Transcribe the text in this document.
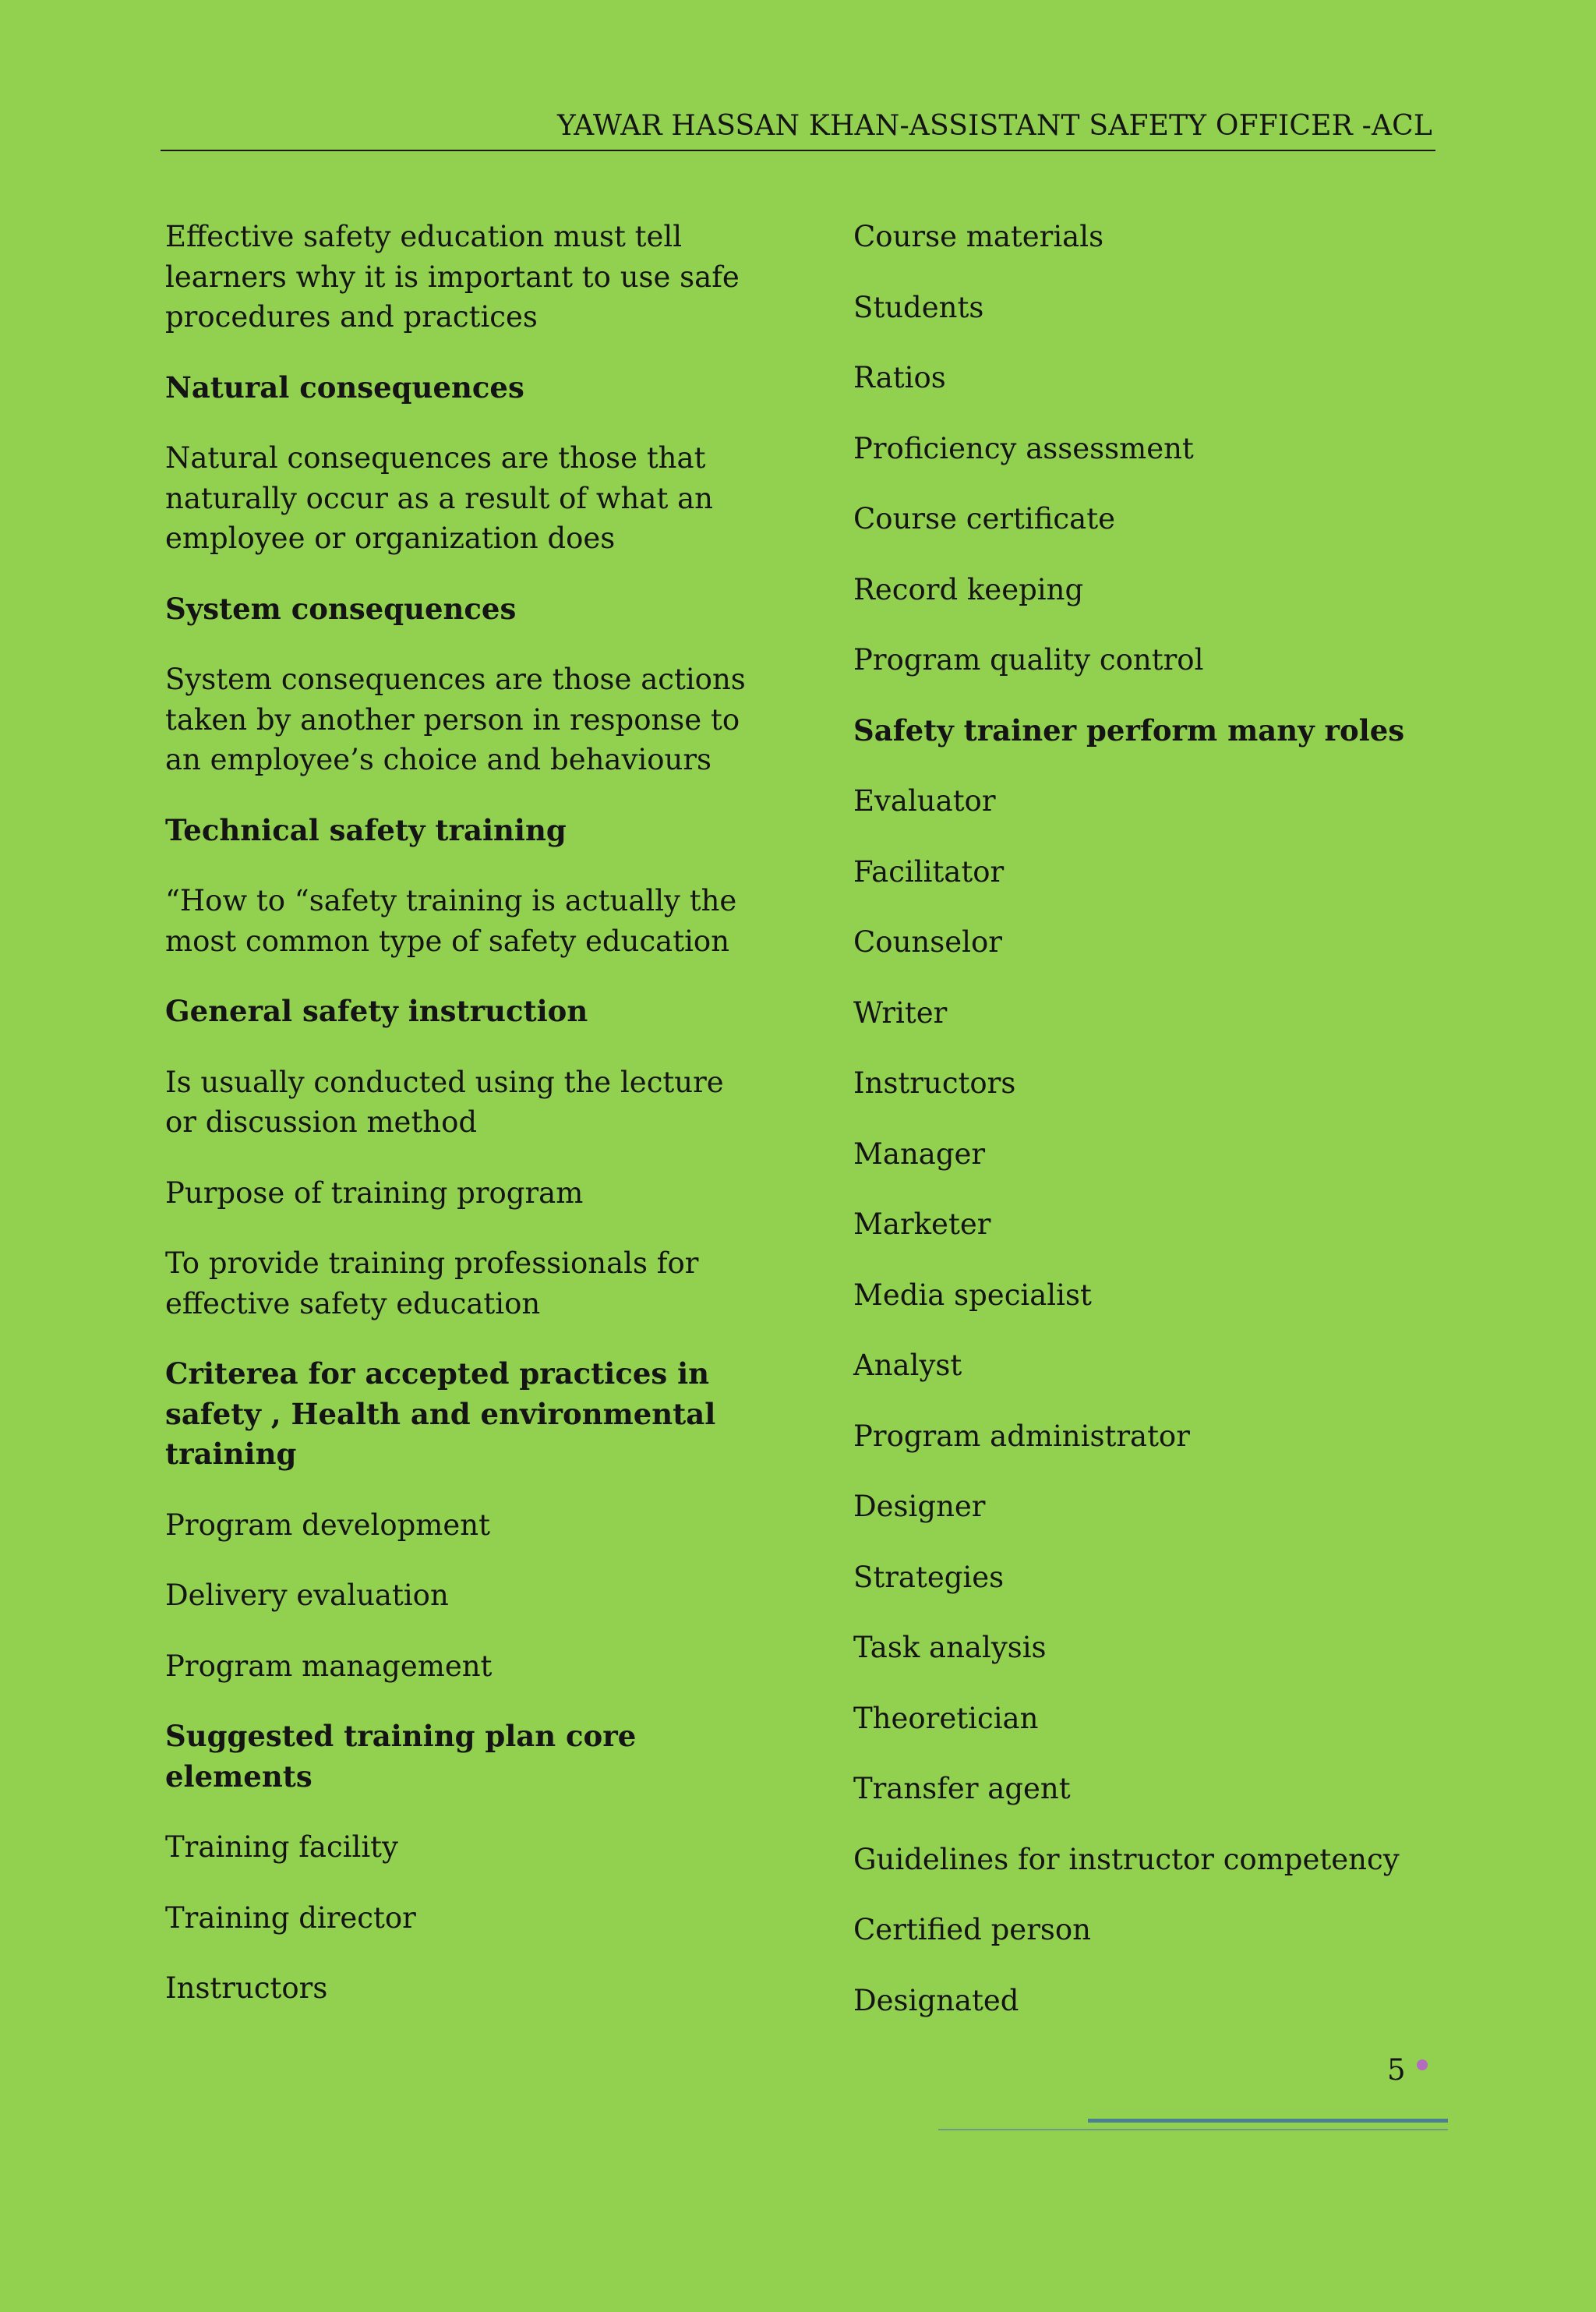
YAWAR HASSAN KHAN-ASSISTANT SAFETY OFFICER -ACL

Effective safety education must tell learners why it is important to use safe procedures and practices

Natural consequences

Natural consequences are those that naturally occur as a result of what an employee or organization does

System consequences

System consequences are those actions taken by another person in response to an employee’s choice and behaviours

Technical safety training

“How to “safety training is actually the most common type of safety education

General safety instruction

Is usually conducted using the lecture or discussion method

Purpose of training program

To provide training professionals for effective safety education

Criterea for accepted practices in safety , Health and environmental training

Program development

Delivery evaluation

Program management

Suggested training plan core elements

Training facility

Training director

Instructors

Course materials

Students

Ratios

Proficiency assessment

Course certificate

Record keeping

Program quality control

Safety trainer perform many roles

Evaluator

Facilitator

Counselor

Writer

Instructors

Manager

Marketer

Media specialist

Analyst

Program administrator

Designer

Strategies

Task analysis

Theoretician

Transfer agent

Guidelines for instructor competency

Certified person

Designated

5
